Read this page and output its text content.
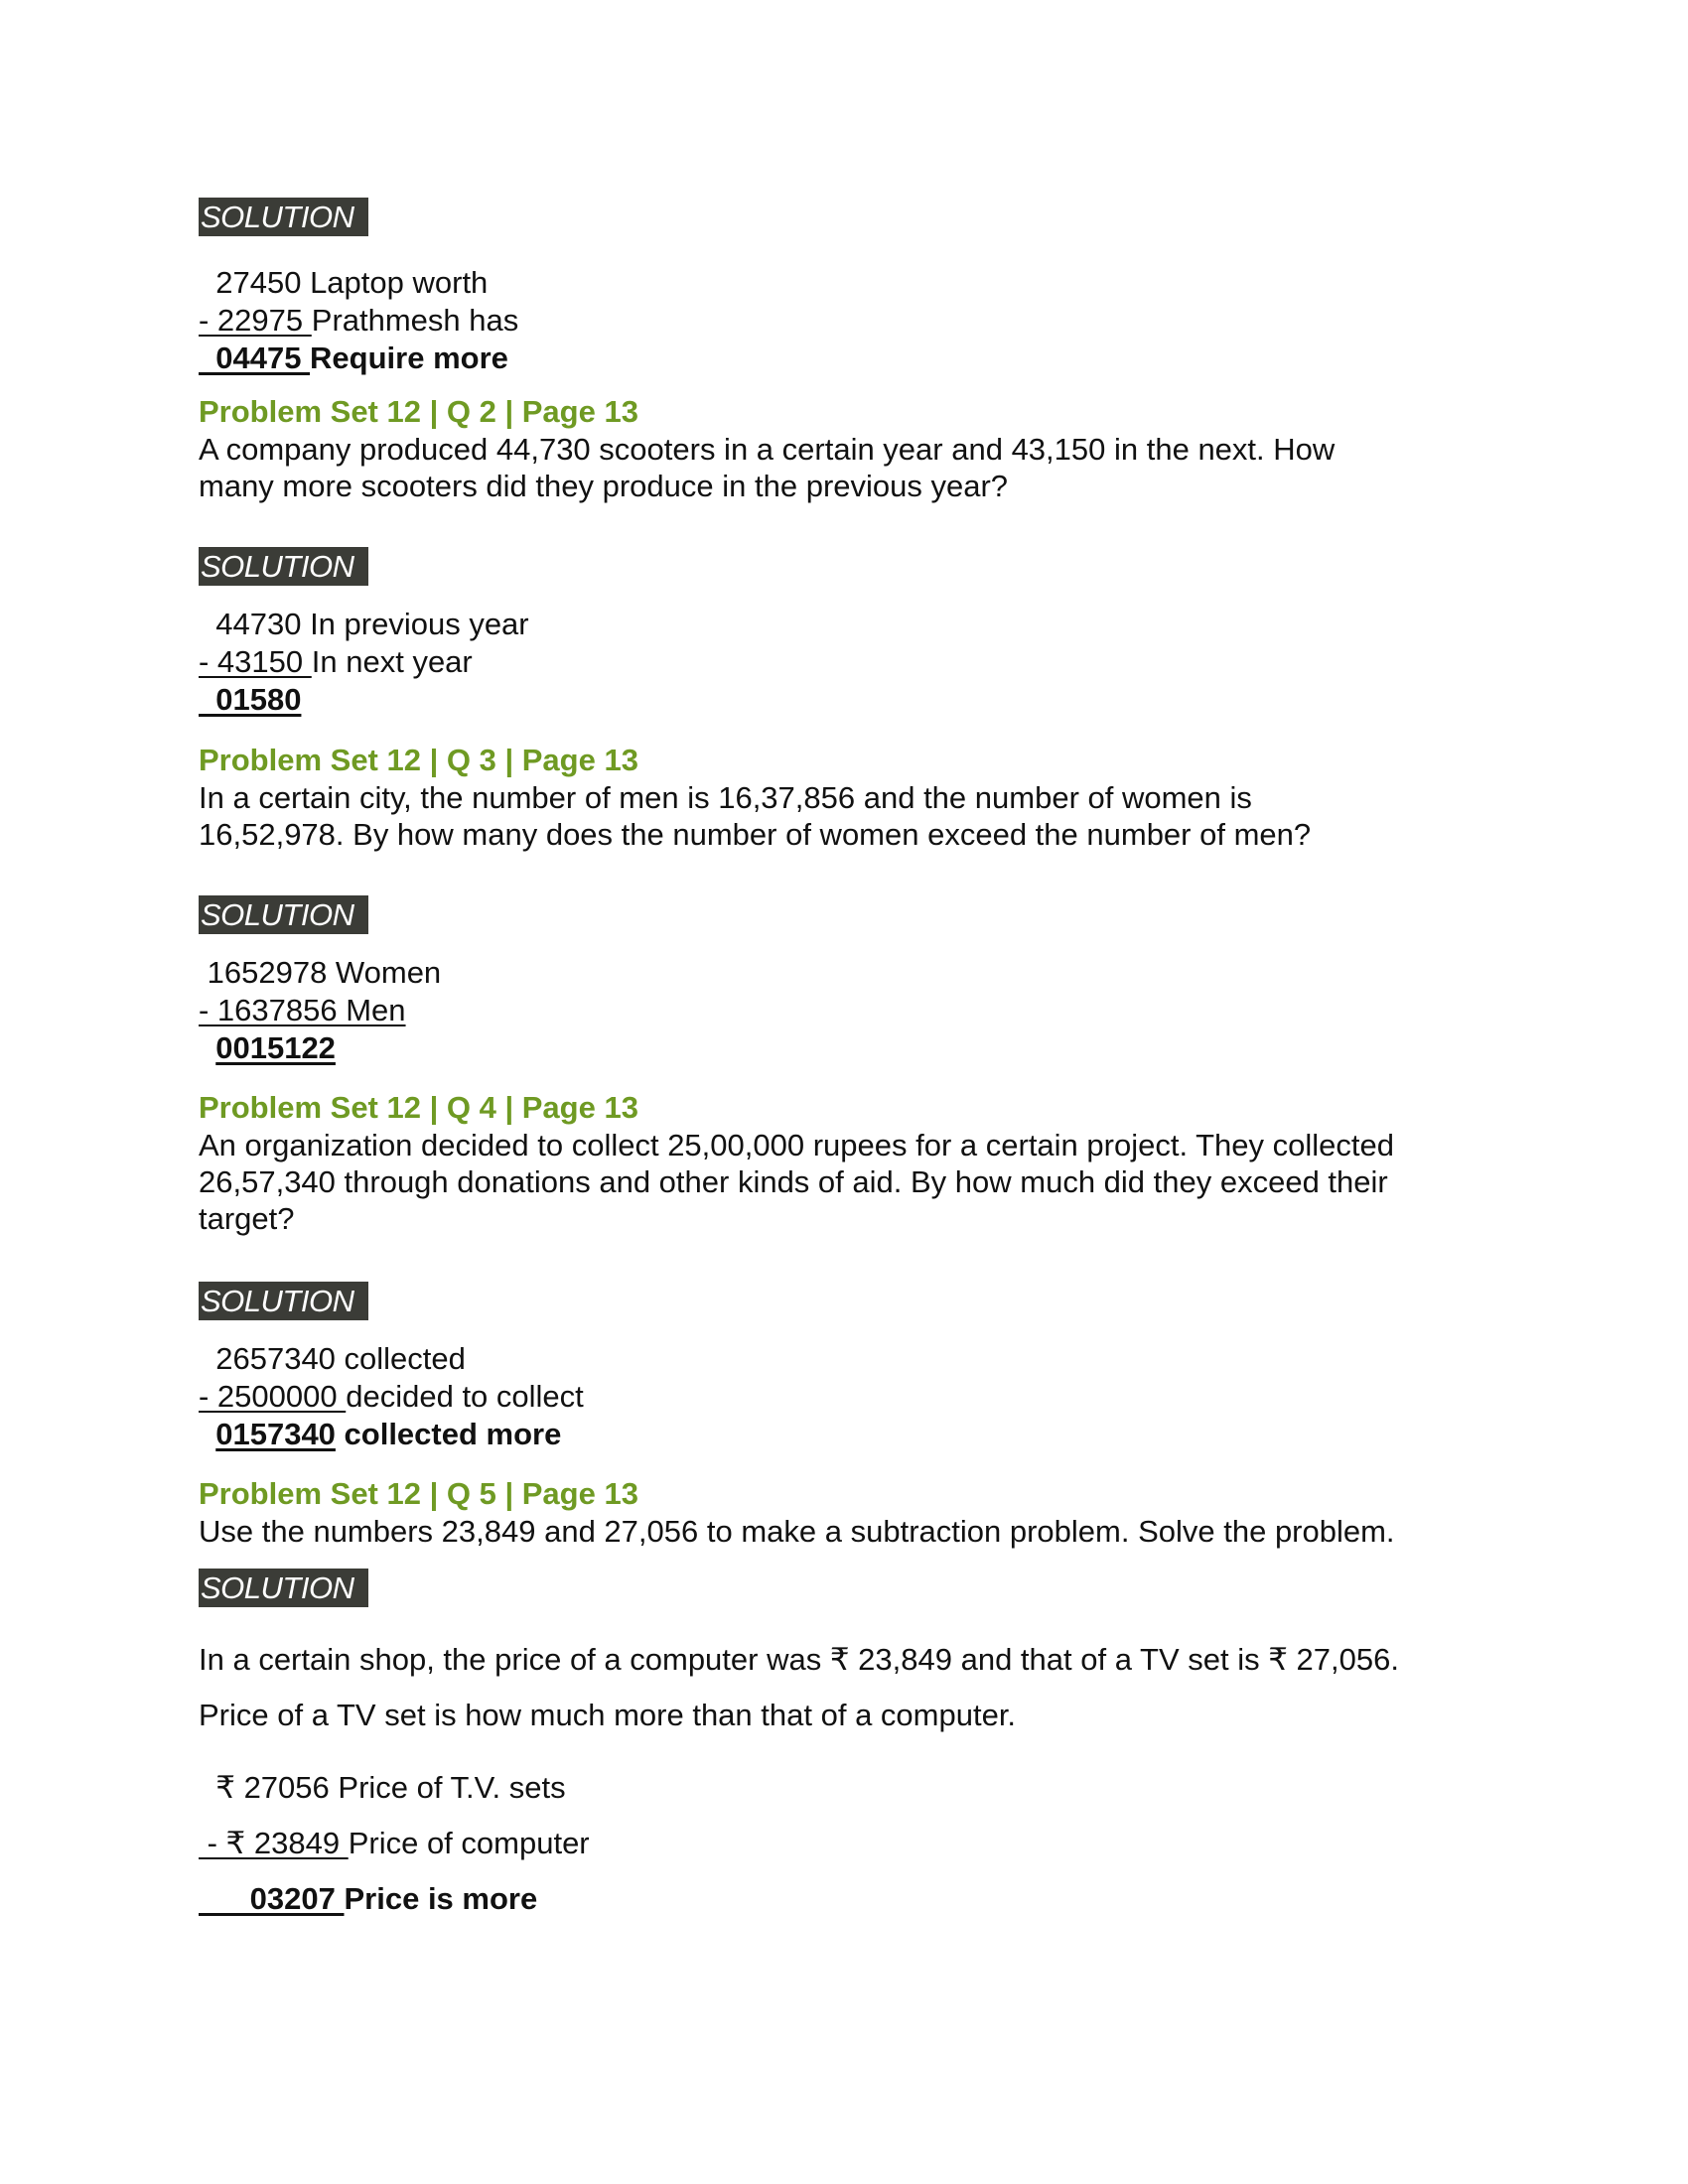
SOLUTION
27450 Laptop worth
- 22975 Prathmesh has
04475 Require more
Problem Set 12 | Q 2 | Page 13
A company produced 44,730 scooters in a certain year and 43,150 in the next. How
many more scooters did they produce in the previous year?
SOLUTION
44730 In previous year
- 43150 In next year
01580
Problem Set 12 | Q 3 | Page 13
In a certain city, the number of men is 16,37,856 and the number of women is
16,52,978. By how many does the number of women exceed the number of men?
SOLUTION
1652978 Women
- 1637856 Men
0015122
Problem Set 12 | Q 4 | Page 13
An organization decided to collect 25,00,000 rupees for a certain project. They collected
26,57,340 through donations and other kinds of aid. By how much did they exceed their
target?
SOLUTION
2657340 collected
- 2500000 decided to collect
0157340 collected more
Problem Set 12 | Q 5 | Page 13
Use the numbers 23,849 and 27,056 to make a subtraction problem. Solve the problem.
SOLUTION
In a certain shop, the price of a computer was ₹ 23,849 and that of a TV set is ₹ 27,056.
Price of a TV set is how much more than that of a computer.
₹ 27056 Price of T.V. sets
- ₹ 23849 Price of computer
03207 Price is more
